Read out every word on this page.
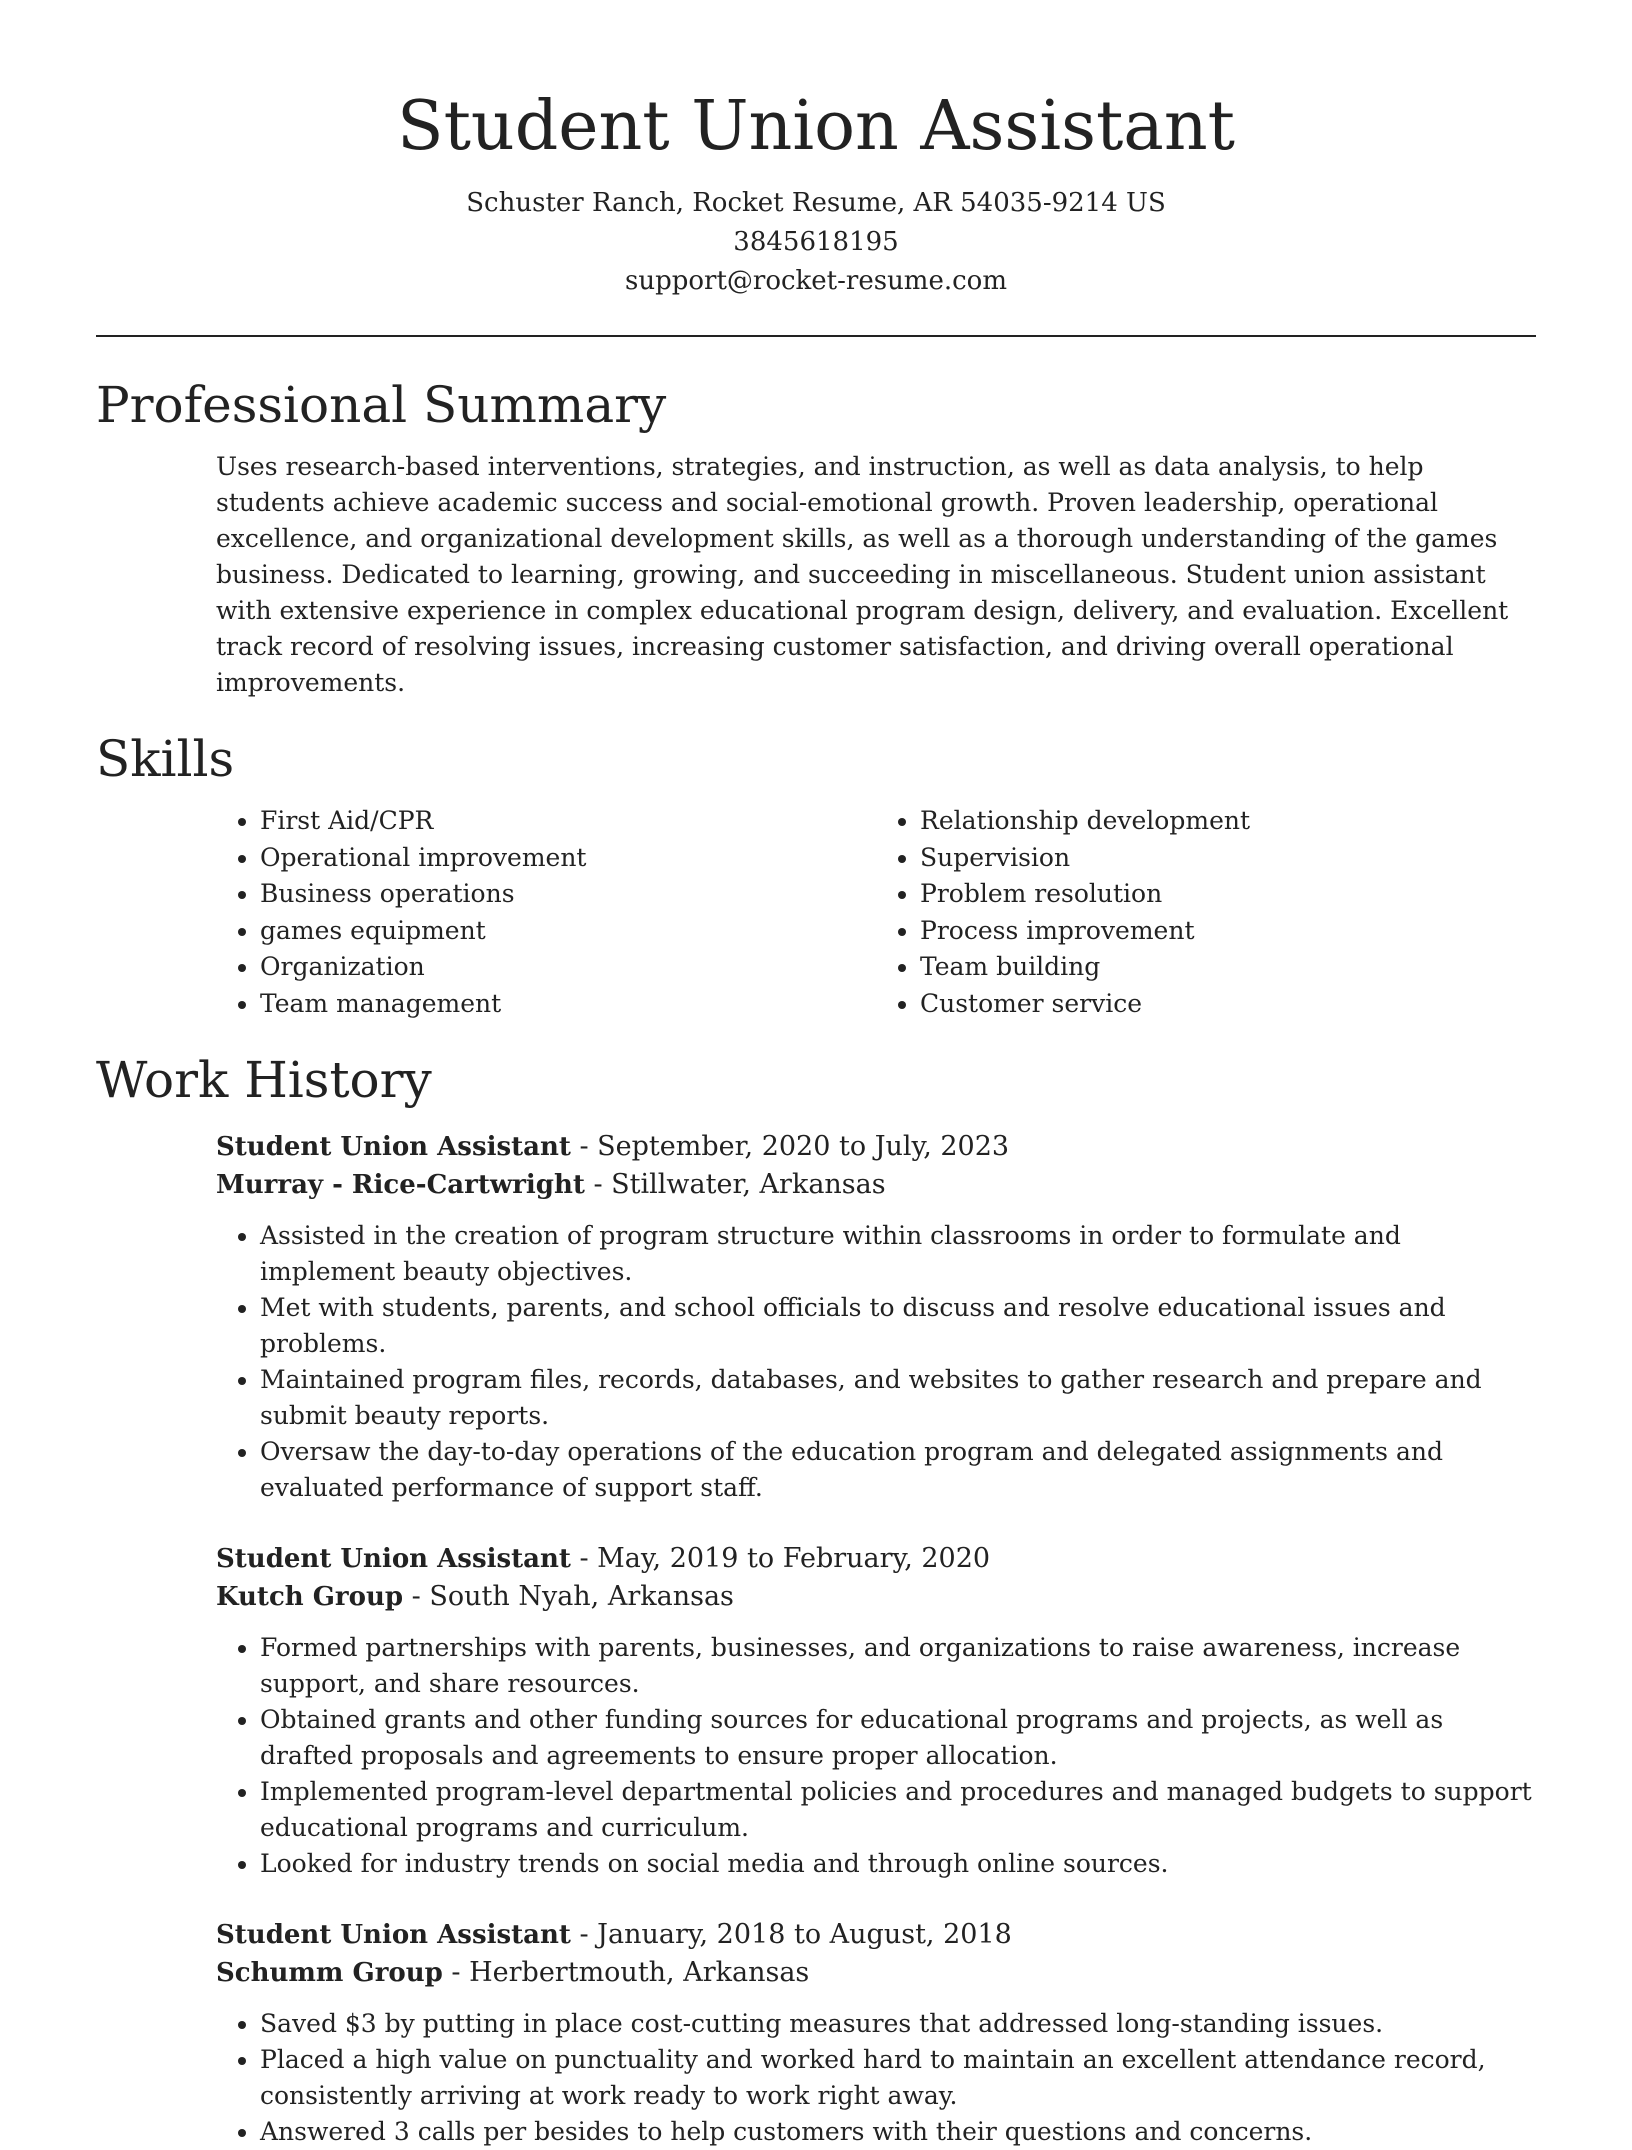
Student Union Assistant
Schuster Ranch, Rocket Resume, AR 54035-9214 US
3845618195
support@rocket-resume.com
Professional Summary

Uses research-based interventions, strategies, and instruction, as well as data analysis, to help students achieve academic success and social-emotional growth. Proven leadership, operational excellence, and organizational development skills, as well as a thorough understanding of the games business. Dedicated to learning, growing, and succeeding in miscellaneous. Student union assistant with extensive experience in complex educational program design, delivery, and evaluation. Excellent track record of resolving issues, increasing customer satisfaction, and driving overall operational improvements.

Skills
• First Aid/CPR
• Operational improvement
• Business operations
• games equipment
• Organization
• Team management
• Relationship development
• Supervision
• Problem resolution
• Process improvement
• Team building
• Customer service
Work History
Student Union Assistant - September, 2020 to July, 2023
Murray - Rice-Cartwright - Stillwater, Arkansas
• Assisted in the creation of program structure within classrooms in order to formulate and implement beauty objectives.
• Met with students, parents, and school officials to discuss and resolve educational issues and problems.
• Maintained program files, records, databases, and websites to gather research and prepare and submit beauty reports.
• Oversaw the day-to-day operations of the education program and delegated assignments and evaluated performance of support staff.
Student Union Assistant - May, 2019 to February, 2020
Kutch Group - South Nyah, Arkansas
• Formed partnerships with parents, businesses, and organizations to raise awareness, increase support, and share resources.
• Obtained grants and other funding sources for educational programs and projects, as well as drafted proposals and agreements to ensure proper allocation.
• Implemented program-level departmental policies and procedures and managed budgets to support educational programs and curriculum.
• Looked for industry trends on social media and through online sources.
Student Union Assistant - January, 2018 to August, 2018
Schumm Group - Herbertmouth, Arkansas
• Saved $3 by putting in place cost-cutting measures that addressed long-standing issues.
• Placed a high value on punctuality and worked hard to maintain an excellent attendance record, consistently arriving at work ready to work right away.
• Answered 3 calls per besides to help customers with their questions and concerns.
